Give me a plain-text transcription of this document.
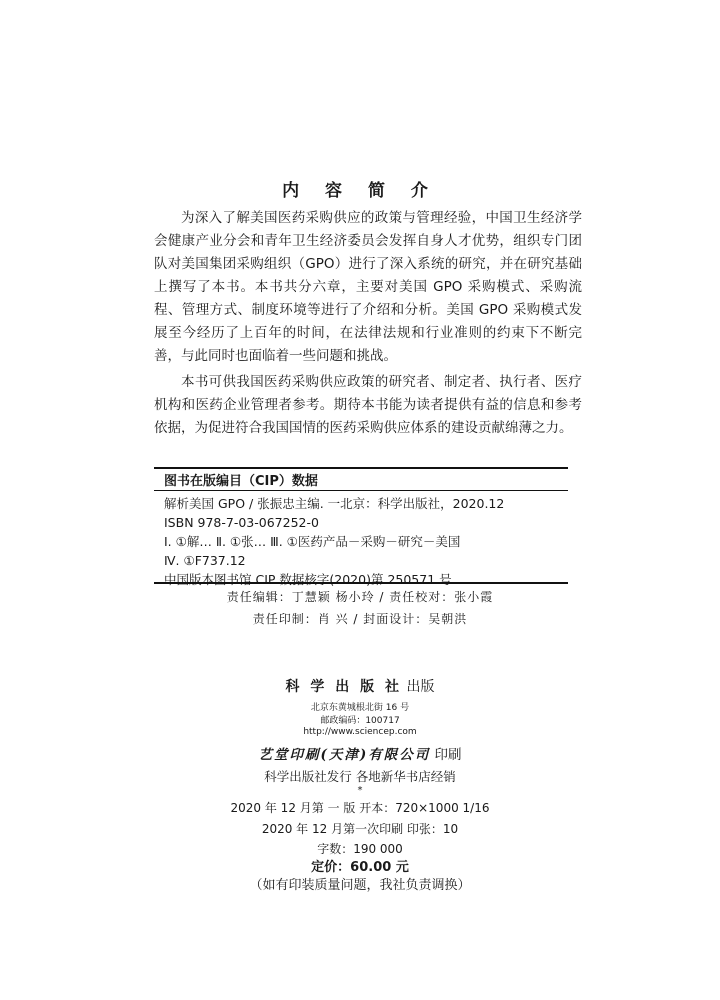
内 容 简 介

为深入了解美国医药采购供应的政策与管理经验，中国卫生经济学会健康产业分会和青年卫生经济委员会发挥自身人才优势，组织专门团队对美国集团采购组织（GPO）进行了深入系统的研究，并在研究基础上撰写了本书。本书共分六章，主要对美国 GPO 采购模式、采购流程、管理方式、制度环境等进行了介绍和分析。美国 GPO 采购模式发展至今经历了上百年的时间，在法律法规和行业准则的约束下不断完善，与此同时也面临着一些问题和挑战。

本书可供我国医药采购供应政策的研究者、制定者、执行者、医疗机构和医药企业管理者参考。期待本书能为读者提供有益的信息和参考依据，为促进符合我国国情的医药采购供应体系的建设贡献绵薄之力。

图书在版编目（CIP）数据
解析美国 GPO / 张振忠主编. 一北京：科学出版社，2020.12
ISBN 978-7-03-067252-0
Ⅰ. ①解… Ⅱ. ①张… Ⅲ. ①医药产品－采购－研究－美国
Ⅳ. ①F737.12
中国版本图书馆 CIP 数据核字(2020)第 250571 号
责任编辑：丁慧颖 杨小玲 / 责任校对：张小霞
责任印制：肖 兴 / 封面设计：吴朝洪
科 学 出 版 社 出版
北京东黄城根北街 16 号
邮政编码：100717
http://www.sciencep.com
艺堂印刷(天津)有限公司 印刷
科学出版社发行 各地新华书店经销
*
2020 年 12 月第 一 版 开本：720×1000 1/16
2020 年 12 月第一次印刷 印张：10
字数：190 000
定价：60.00 元
（如有印装质量问题，我社负责调换）
